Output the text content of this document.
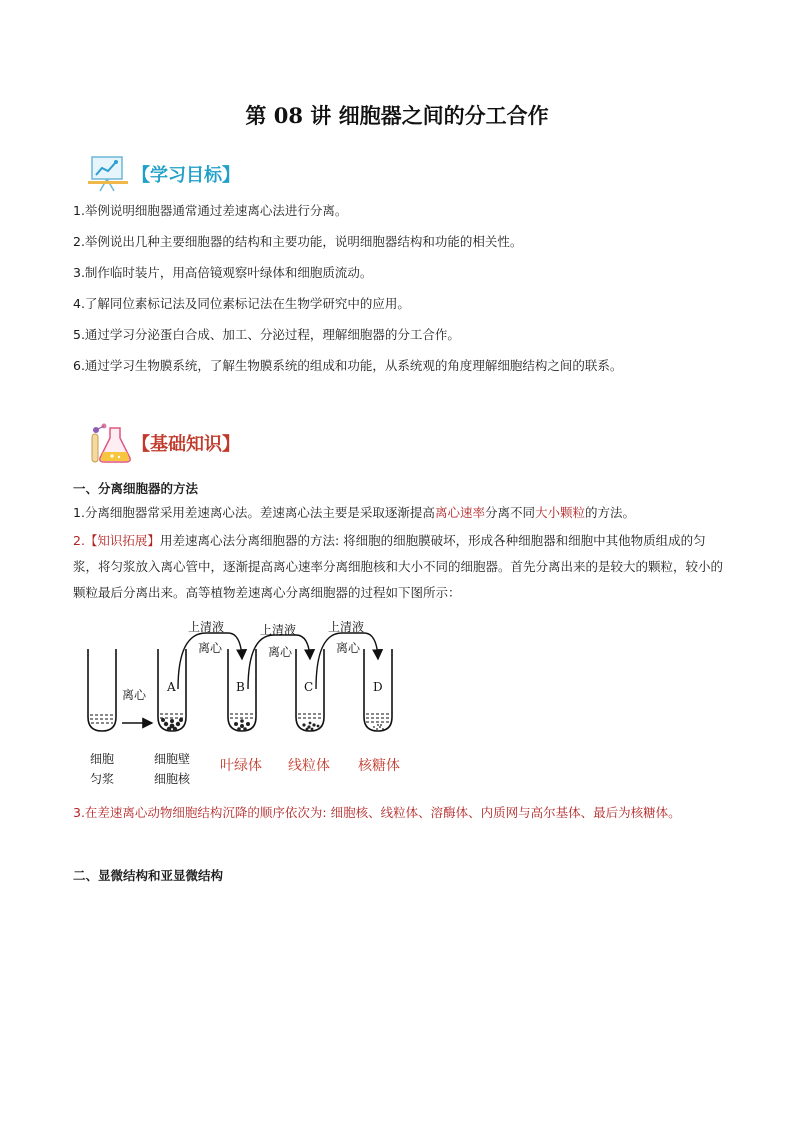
第 08 讲 细胞器之间的分工合作
【学习目标】
1.举例说明细胞器通常通过差速离心法进行分离。
2.举例说出几种主要细胞器的结构和主要功能，说明细胞器结构和功能的相关性。
3.制作临时装片，用高倍镜观察叶绿体和细胞质流动。
4.了解同位素标记法及同位素标记法在生物学研究中的应用。
5.通过学习分泌蛋白合成、加工、分泌过程，理解细胞器的分工合作。
6.通过学习生物膜系统，了解生物膜系统的组成和功能，从系统观的角度理解细胞结构之间的联系。
【基础知识】
一、分离细胞器的方法
1.分离细胞器常采用差速离心法。差速离心法主要是采取逐渐提高离心速率分离不同大小颗粒的方法。
2.【知识拓展】用差速离心法分离细胞器的方法: 将细胞的细胞膜破坏，形成各种细胞器和细胞中其他物质组成的匀浆，将匀浆放入离心管中，逐渐提高离心速率分离细胞核和大小不同的细胞器。首先分离出来的是较大的颗粒，较小的颗粒最后分离出来。高等植物差速离心分离细胞器的过程如下图所示：
上清液
离心
上清液
离心
上清液
离心
离心
A	B	C	D
细胞
匀浆
细胞壁
细胞核
叶绿体 线粒体 核糖体
3.在差速离心动物细胞结构沉降的顺序依次为: 细胞核、线粒体、溶酶体、内质网与高尔基体、最后为核糖体。
二、显微结构和亚显微结构
